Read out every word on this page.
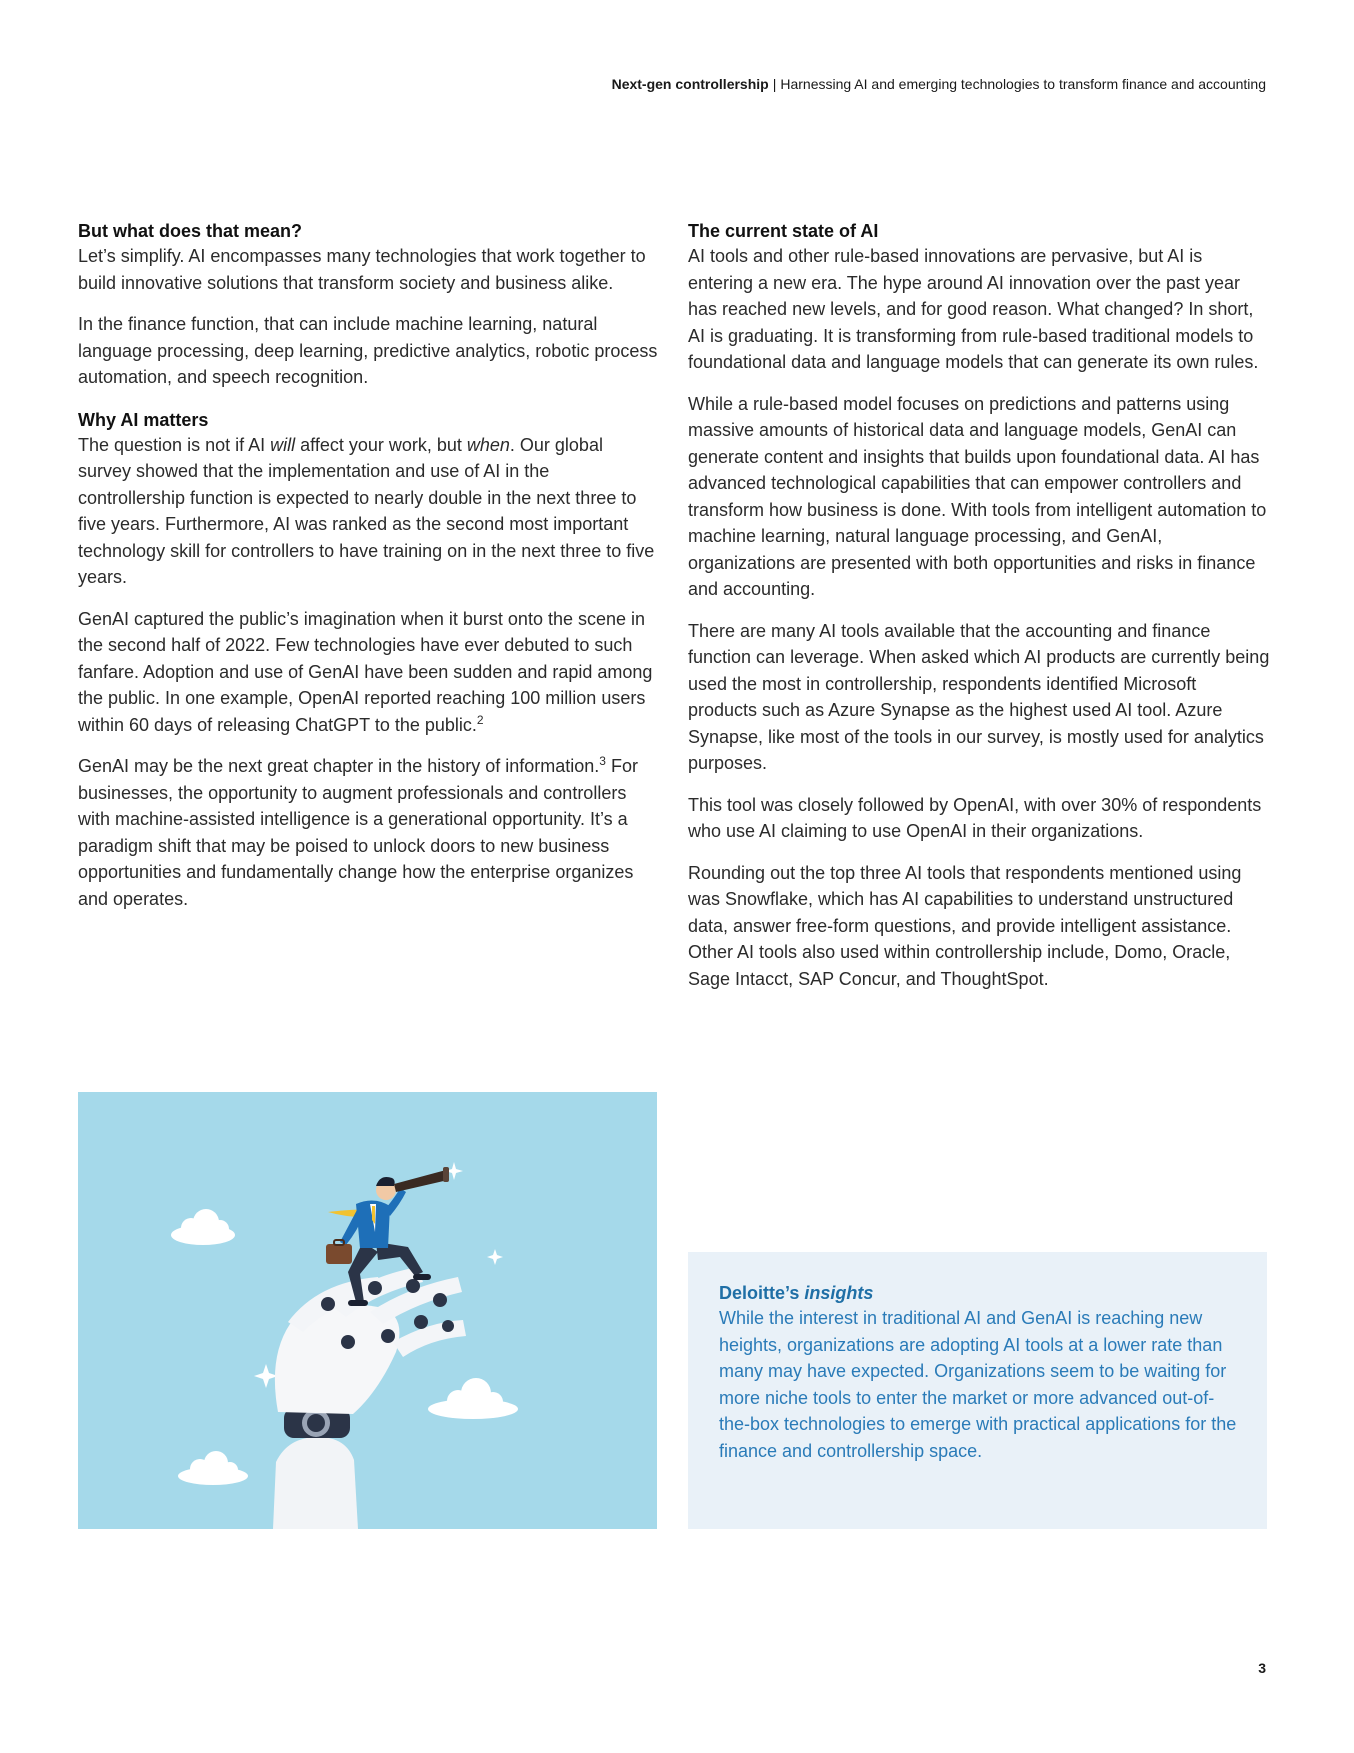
Next-gen controllership | Harnessing AI and emerging technologies to transform finance and accounting
But what does that mean?

Let’s simplify. AI encompasses many technologies that work together to build innovative solutions that transform society and business alike.

In the finance function, that can include machine learning, natural language processing, deep learning, predictive analytics, robotic process automation, and speech recognition.

Why AI matters

The question is not if AI will affect your work, but when. Our global survey showed that the implementation and use of AI in the controllership function is expected to nearly double in the next three to five years. Furthermore, AI was ranked as the second most important technology skill for controllers to have training on in the next three to five years.

GenAI captured the public’s imagination when it burst onto the scene in the second half of 2022. Few technologies have ever debuted to such fanfare. Adoption and use of GenAI have been sudden and rapid among the public. In one example, OpenAI reported reaching 100 million users within 60 days of releasing ChatGPT to the public.$^2$

GenAI may be the next great chapter in the history of information.$^3$ For businesses, the opportunity to augment professionals and controllers with machine-assisted intelligence is a generational opportunity. It’s a paradigm shift that may be poised to unlock doors to new business opportunities and fundamentally change how the enterprise organizes and operates.

The current state of AI

AI tools and other rule-based innovations are pervasive, but AI is entering a new era. The hype around AI innovation over the past year has reached new levels, and for good reason. What changed? In short, AI is graduating. It is transforming from rule-based traditional models to foundational data and language models that can generate its own rules.

While a rule-based model focuses on predictions and patterns using massive amounts of historical data and language models, GenAI can generate content and insights that builds upon foundational data. AI has advanced technological capabilities that can empower controllers and transform how business is done. With tools from intelligent automation to machine learning, natural language processing, and GenAI, organizations are presented with both opportunities and risks in finance and accounting.

There are many AI tools available that the accounting and finance function can leverage. When asked which AI products are currently being used the most in controllership, respondents identified Microsoft products such as Azure Synapse as the highest used AI tool. Azure Synapse, like most of the tools in our survey, is mostly used for analytics purposes.

This tool was closely followed by OpenAI, with over 30% of respondents who use AI claiming to use OpenAI in their organizations.

Rounding out the top three AI tools that respondents mentioned using was Snowflake, which has AI capabilities to understand unstructured data, answer free-form questions, and provide intelligent assistance. Other AI tools also used within controllership include, Domo, Oracle, Sage Intacct, SAP Concur, and ThoughtSpot.

Deloitte’s insights
While the interest in traditional AI and GenAI is reaching new heights, organizations are adopting AI tools at a lower rate than many may have expected. Organizations seem to be waiting for more niche tools to enter the market or more advanced out-of-the-box technologies to emerge with practical applications for the finance and controllership space.
3
